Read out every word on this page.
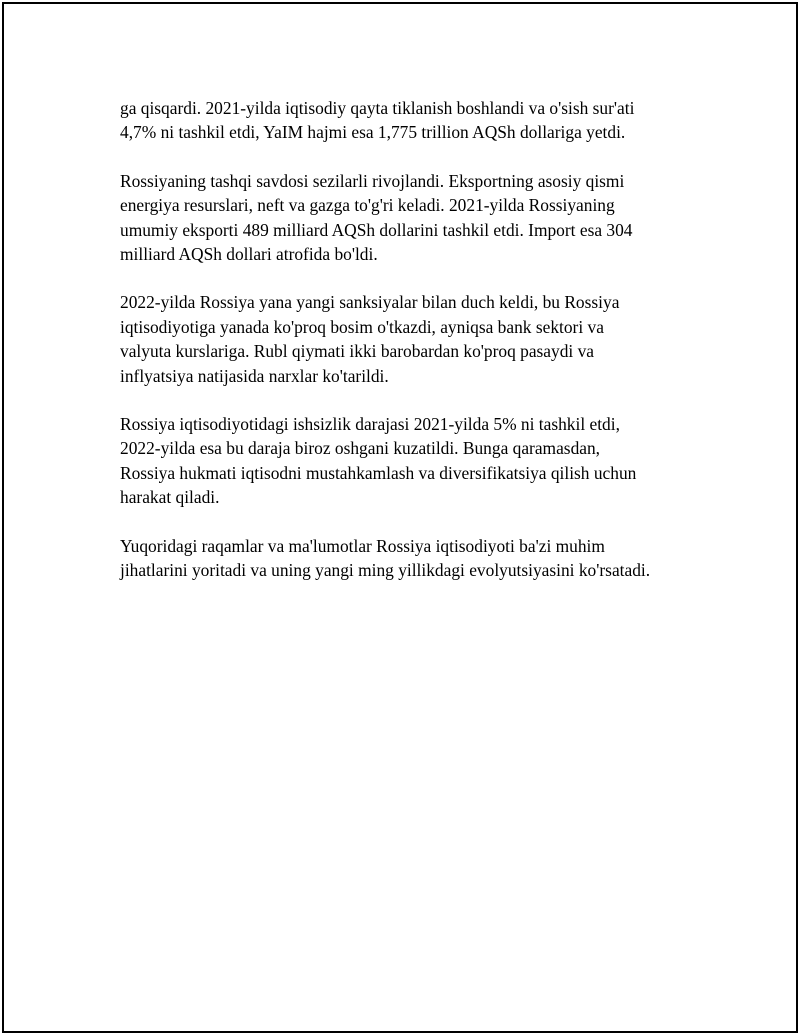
ga qisqardi. 2021-yilda iqtisodiy qayta tiklanish boshlandi va o'sish sur'ati
4,7% ni tashkil etdi, YaIM hajmi esa 1,775 trillion AQSh dollariga yetdi.

Rossiyaning tashqi savdosi sezilarli rivojlandi. Eksportning asosiy qismi
energiya resurslari, neft va gazga to'g'ri keladi. 2021-yilda Rossiyaning
umumiy eksporti 489 milliard AQSh dollarini tashkil etdi. Import esa 304
milliard AQSh dollari atrofida bo'ldi.

2022-yilda Rossiya yana yangi sanksiyalar bilan duch keldi, bu Rossiya
iqtisodiyotiga yanada ko'proq bosim o'tkazdi, ayniqsa bank sektori va
valyuta kurslariga. Rubl qiymati ikki barobardan ko'proq pasaydi va
inflyatsiya natijasida narxlar ko'tarildi.

Rossiya iqtisodiyotidagi ishsizlik darajasi 2021-yilda 5% ni tashkil etdi,
2022-yilda esa bu daraja biroz oshgani kuzatildi. Bunga qaramasdan,
Rossiya hukmati iqtisodni mustahkamlash va diversifikatsiya qilish uchun
harakat qiladi.

Yuqoridagi raqamlar va ma'lumotlar Rossiya iqtisodiyoti ba'zi muhim
jihatlarini yoritadi va uning yangi ming yillikdagi evolyutsiyasini ko'rsatadi.
